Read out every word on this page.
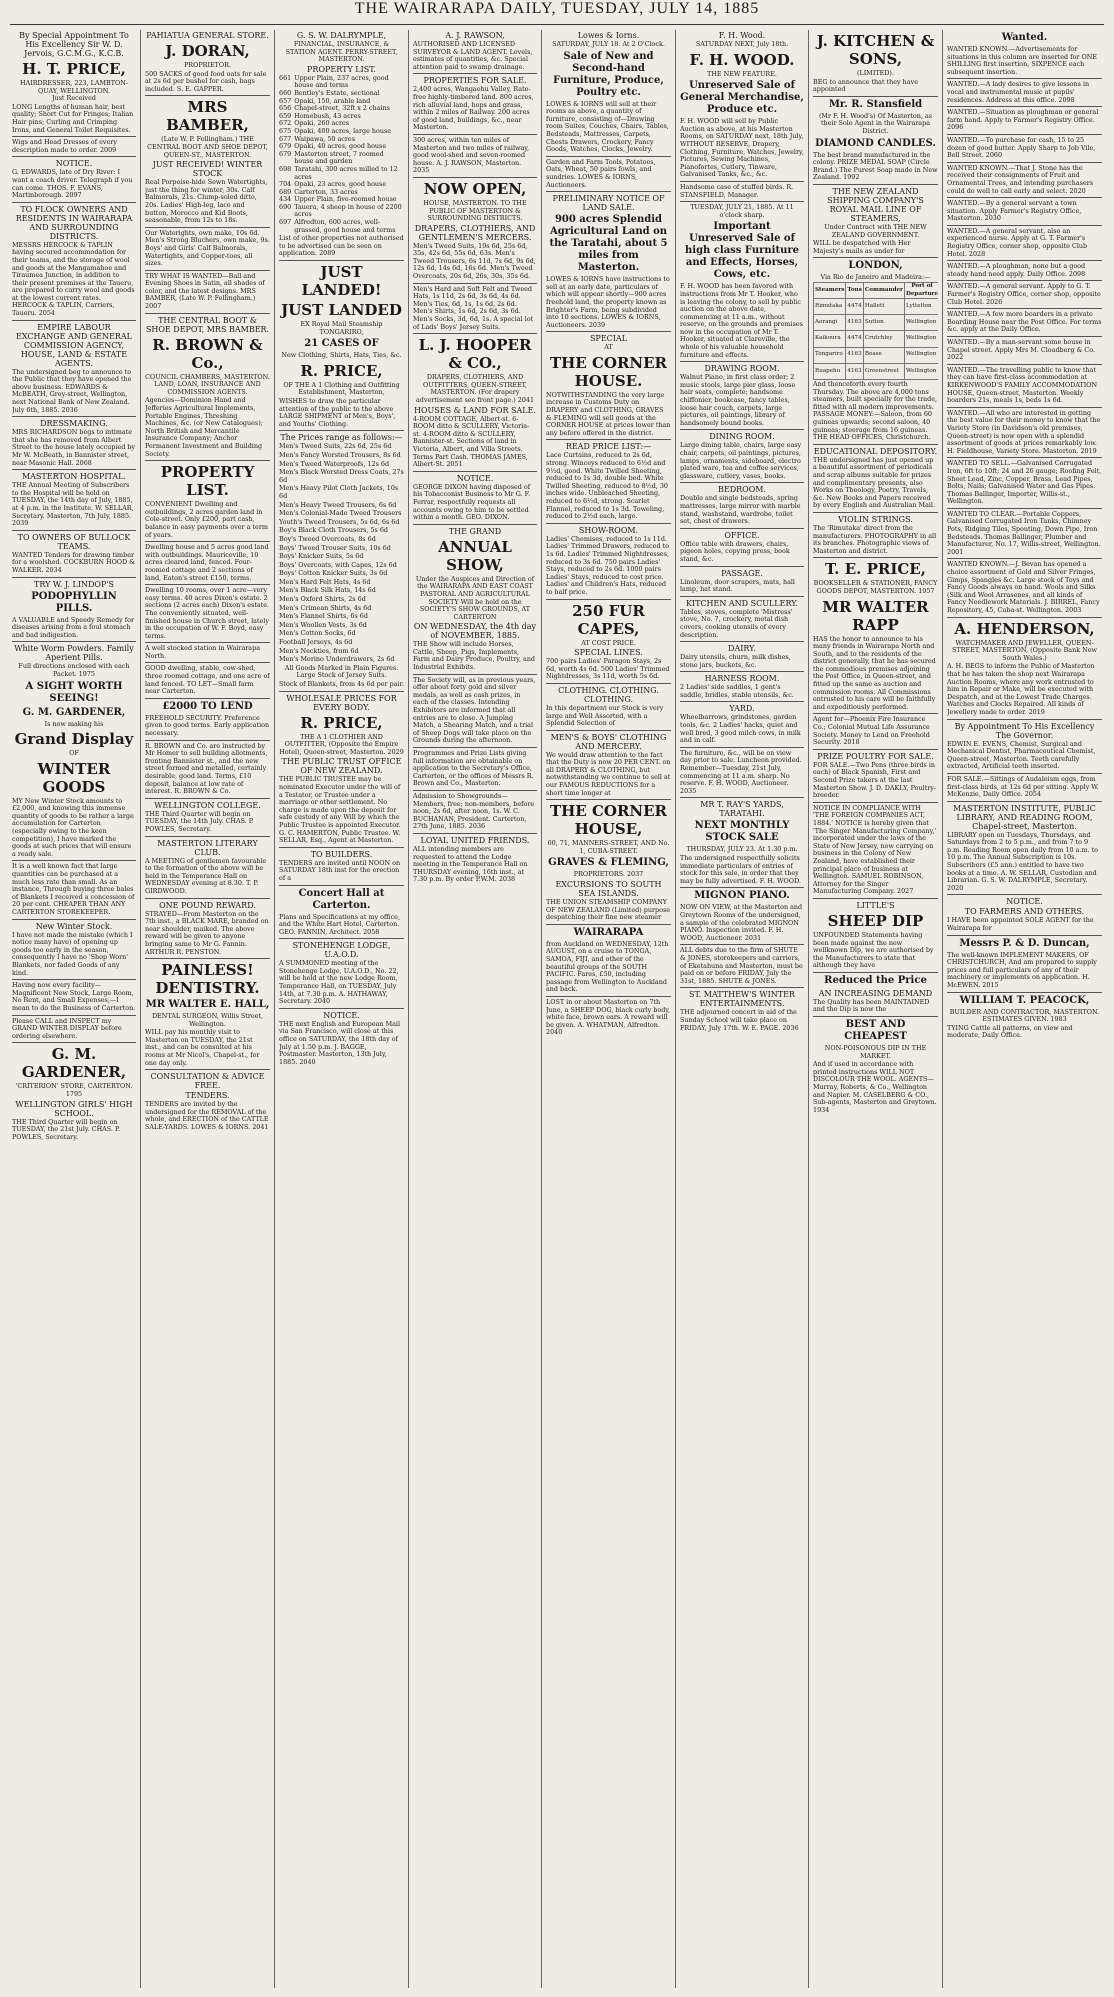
THE WAIRARAPA DAILY, TUESDAY, JULY 14, 1885
By Special Appointment To His Excellency Sir W. D. Jervois, G.C.M.G., K.C.B.
H. T. PRICE,
HAIRDRESSER, 223, LAMBTON-QUAY, WELLINGTON.
Just Received
LONG Lengths of human hair, best quality; Short Cut for Fringes; Italian Hair pins; Curling and Crimping Irons, and General Toilet Requisites.
Wigs and Head Dresses of every description made to order. 2009
NOTICE.
G. EDWARDS, late of Dry River: I want a coach driver. Telegraph if you can come. THOS. F. EVANS, Martinborough. 2097
TO FLOCK OWNERS AND RESIDENTS IN WAIRARAPA AND SURROUNDING DISTRICTS.
MESSRS HERCOCK & TAPLIN having secured accommodation for their teams, and the storage of wool and goods at the Mangamahoe and Tiraumea Junction, in addition to their present premises at the Taueru, are prepared to carry wool and goods at the lowest current rates. HERCOCK & TAPLIN, Carriers, Taueru. 2054
EMPIRE LABOUR EXCHANGE AND GENERAL COMMISSION AGENCY, HOUSE, LAND & ESTATE AGENTS.
The undersigned beg to announce to the Public that they have opened the above business. EDWARDS & McBEATH, Grey-street, Wellington, next National Bank of New Zealand. July 6th, 1885. 2036
DRESSMAKING.
MRS RICHARDSON begs to intimate that she has removed from Albert Street to the house lately occupied by Mr W. McBeath, in Bannister street, near Masonic Hall. 2068
MASTERTON HOSPITAL.
THE Annual Meeting of Subscribers to the Hospital will be held on TUESDAY, the 14th day of July, 1885, at 4 p.m. in the Institute. W. SELLAR, Secretary. Masterton, 7th July, 1885. 2039
TO OWNERS OF BULLOCK TEAMS.
WANTED Tenders for drawing timber for a woolshed. COCKBURN HOOD & WALKER. 2034
TRY W. J. LINDOP'S
PODOPHYLLIN PILLS.
A VALUABLE and Speedy Remedy for diseases arising from a foul stomach and bad indigestion.
White Worm Powders. Family Aperient Pills.
Full directions enclosed with each Packet. 1975
A SIGHT WORTH SEEING!
G. M. GARDENER,
Is now making his
Grand Display
OF
WINTER GOODS
MY New Winter Stock amounts to £2,000, and knowing this immense quantity of goods to be rather a large accumulation for Carterton (especially owing to the keen competition), I have marked the goods at such prices that will ensure a ready sale.
It is a well known fact that large quantities can be purchased at a much less rate than small. As an instance, Through buying three bales of Blankets I received a concession of 20 per cent. CHEAPER THAN ANY CARTERTON STOREKEEPER.
New Winter Stock.
I have not made the mistake (which I notice many have) of opening up goods too early in the season, consequently I have no 'Shop Worn' Blankets, nor faded Goods of any kind.
Having now every facility—Magnificent New Stock, Large Room, No Rent, and Small Expenses,—I mean to do the Business of Carterton.
Please CALL and INSPECT my GRAND WINTER DISPLAY before ordering elsewhere.
G. M. GARDENER,
'CRITERION' STORE, CARTERTON. 1795
WELLINGTON GIRLS' HIGH SCHOOL.
THE Third Quarter will begin on TUESDAY, the 21st July. CHAS. P. POWLES, Secretary.
PAHIATUA GENERAL STORE.
J. DORAN,
PROPRIETOR.
500 SACKS of good food oats for sale at 2s 6d per bushel for cash, bags included. S. E. GAPPER.
MRS BAMBER,
(Late W. P. Fellingham.) THE CENTRAL BOOT AND SHOE DEPOT, QUEEN-ST., MASTERTON.
JUST RECEIVED! WINTER STOCK
Real Porpoise-hide Sewn Watertights, just the thing for winter, 30s. Calf Balmorals, 21s. Clump-soled ditto, 20s. Ladies' High-leg, lace and button, Morocco and Kid Boots, seasonable, from 12s to 18s.
Our Waterights, own make, 10s 6d. Men's Strong Bluchers, own make, 9s. Boys' and Girls' Calf Balmorals, Watertights, and Copper-toes, all sizes.
TRY WHAT IS WANTED—Ball and Evening Shoes in Satin, all shades of color, and the latest designs. MRS BAMBER, (Late W. P. Fellingham.) 2007
THE CENTRAL BOOT & SHOE DEPOT, MRS BAMBER.
R. BROWN & Co.,
COUNCIL CHAMBERS, MASTERTON. LAND, LOAN, INSURANCE AND COMMISSION AGENTS.
Agencies—Dominion Hand and Jefferies Agricultural Implements, Portable Engines, Threshing Machines, &c. (or New Catalogues); North British and Mercantile Insurance Company; Anchor Permanent Investment and Building Society.
PROPERTY LIST.
CONVENIENT Dwelling and outbuildings, 2 acres garden land in Cole-street. Only £200, part cash, balance in easy payments over a term of years.
Dwelling house and 5 acres good land with outbuildings. Mauriceville, 10 acres cleared land, fenced. Four-roomed cottage and 2 sections of land, Eaton's street £150, terms.
Dwelling 10 rooms, over 1 acre—very easy terms. 40 acres Dixon's estate. 2 sections (2 acres each) Dixon's estate. The conveniently situated, well-finished house in Church street, lately in the occupation of W. F. Boyd, easy terms.
A well stocked station in Wairarapa North.
GOOD dwelling, stable, cow-shed, three roomed cottage, and one acre of land fenced. TO LET—Small farm near Carterton.
£2000 TO LEND
FREEHOLD SECURITY. Preference given to good terms. Early application necessary.
R. BROWN and Co. are instructed by Mr Homer to sell building allotments, fronting Bannister st., and the new street formed and metalled, certainly desirable, good land. Terms, £10 deposit, balance at low rate of interest. R. BROWN & Co.
WELLINGTON COLLEGE.
THE Third Quarter will begin on TUESDAY, the 14th July. CHAS. P. POWLES, Secretary.
MASTERTON LITERARY CLUB.
A MEETING of gentlemen favourable to the formation of the above will be held in the Temperance Hall on WEDNESDAY evening at 8.30. T. P. GIRDWOOD.
ONE POUND REWARD.
STRAYED—From Masterton on the 7th inst., a BLACK MARE, branded on near shoulder, maiked. The above reward will be given to anyone bringing same to Mr G. Fannin. ARTHUR R. PENSTON.
PAINLESS! DENTISTRY.
MR WALTER E. HALL,
DENTAL SURGEON, Willis Street, Wellington.
WILL pay his monthly visit to Masterton on TUESDAY, the 21st inst., and can be consulted at his rooms at Mr Nicol's, Chapel-st., for one day only.
CONSULTATION & ADVICE FREE.
TENDERS.
TENDERS are invited by the undersigned for the REMOVAL of the whole, and ERECTION of the CATTLE SALE-YARDS. LOWES & IORNS. 2041
G. S. W. DALRYMPLE,
FINANCIAL, INSURANCE, & STATION AGENT. PERRY-STREET, MASTERTON.
PROPERTY LIST.
661 Upper Plain, 237 acres, good house and terms
660 Bentley's Estate, sectional
657 Opaki, 150, arable land
656 Chapel-street, 32ft x 2 chains
659 Homebush, 43 acres
672 Opaki, 260 acres
675 Opaki, 400 acres, large house
677 Waipawa, 50 acres
679 Opaki, 40 acres, good house
679 Masterton street, 7 roomed house and garden
698 Taratahi, 300 acres milled to 12 acres
704 Opaki, 23 acres, good house
689 Carterton, 33 acres
434 Upper Plain, five-roomed house
690 Tauera, 4 sheep in house of 2200 acres
697 Alfredton, 600 acres, well-grassed, good house and terms
List of other properties not authorised to be advertised can be seen on application. 2089
JUST LANDED!
JUST LANDED
EX Royal Mail Steamship TONGARIRO,
21 CASES OF
New Clothing, Shirts, Hats, Ties, &c.
R. PRICE,
OF THE A 1 Clothing and Outfitting Establishment, Masterton,
WISHES to draw the particular attention of the public to the above LARGE SHIPMENT of Men's, Boys', and Youths' Clothing.
The Prices range as follows:—
Men's Tweed Suits, 22s 6d, 25s 6d
Men's Fancy Worsted Trousers, 8s 6d
Men's Tweed Waterproofs, 12s 6d
Men's Black Worsted Dress Coats, 27s 6d
Men's Heavy Pilot Cloth Jackets, 10s 6d
Men's Heavy Tweed Trousers, 6s 6d
Men's Colonial-Made Tweed Trousers
Youth's Tweed Trousers, 5s 6d, 6s 6d
Boy's Black Cloth Trousers, 5s 6d
Boy's Tweed Overcoats, 8s 6d
Boys' Tweed Trouser Suits, 10s 6d
Boys' Knicker Suits, 5s 6d
Boys' Overcoats, with Capes, 12s 6d
Boys' Cotton Knicker Suits, 3s 6d
Men's Hard Felt Hats, 4s 6d
Men's Black Silk Hats, 14s 6d
Men's Oxford Shirts, 2s 6d
Men's Crimean Shirts, 4s 6d
Men's Flannel Shirts, 6s 6d
Men's Woollen Vests, 3s 6d
Men's Cotton Socks, 6d
Football Jerseys, 4s 6d
Men's Neckties, from 6d
Men's Merino Underdrawers, 2s 6d
All Goods Marked in Plain Figures.
Large Stock of Jersey Suits.
Stock of Blankets, from 4s 6d per pair.
WHOLESALE PRICES FOR EVERY BODY.
R. PRICE,
THE A 1 CLOTHIER AND OUTFITTER, (Opposite the Empire Hotel), Queen-street, Masterton. 2029
THE PUBLIC TRUST OFFICE OF NEW ZEALAND.
THE PUBLIC TRUSTEE may be nominated Executor under the will of a Testator, or Trustee under a marriage or other settlement. No charge is made upon the deposit for safe custody of any Will by which the Public Trustee is appointed Executor. G. C. HAMERTON, Public Trustee. W. SELLAR, Esq., Agent at Masterton.
TO BUILDERS.
TENDERS are invited until NOON on SATURDAY 18th inst for the erection of a
Concert Hall at Carterton.
Plans and Specifications at my office, and the White Hart Hotel, Carterton. GEO. FANNIN, Architect. 2058
STONEHENGE LODGE, U.A.O.D.
A SUMMONED meeting of the Stonehenge Lodge, U.A.O.D., No. 22, will be held at the new Lodge Room, Temperance Hall, on TUESDAY, July 14th, at 7.30 p.m. A. HATHAWAY, Secretary. 2040
NOTICE.
THE next English and European Mail via San Francisco, will close at this office on SATURDAY, the 18th day of July at 1.50 p.m. J. BAGGE, Postmaster. Masterton, 13th July, 1885. 2040
A. J. RAWSON,
AUTHORISED AND LICENSED SURVEYOR & LAND AGENT. Levels, estimates of quantities, &c. Special attention paid to swamp drainage.
PROPERTIES FOR SALE.
2,400 acres, Wangaehu Valley, Rate-free highly-timbered land. 800 acres, rich alluvial land, hops and grass, within 2 miles of Railway. 200 acres of good land, buildings, &c., near Masterton.
300 acres, within ten miles of Masterton and two miles of railway, good wool-shed and seven-roomed house. A. J. RAWSON, Masterton. 2035
NOW OPEN,
HOUSE, MASTERTON. TO THE PUBLIC OF MASTERTON & SURROUNDING DISTRICTS.
DRAPERS, CLOTHIERS, AND GENTLEMEN'S MERCERS.
Men's Tweed Suits, 19s 6d, 25s 6d, 35s, 42s 6d, 55s 6d, 63s. Men's Tweed Trousers, 6s 11d, 7s 6d, 9s 6d, 12s 6d, 14s 6d, 16s 6d. Men's Tweed Overcoats, 20s 6d, 26s, 30s, 35s 6d.
Men's Hard and Soft Felt and Tweed Hats, 1s 11d, 2s 6d, 3s 6d, 4s 6d. Men's Ties, 6d, 1s, 1s 6d, 2s 6d. Men's Shirts, 1s 6d, 2s 6d, 3s 6d. Men's Socks, 3d, 6d, 1s. A special lot of Lads' Boys' Jersey Suits.
L. J. HOOPER & CO.,
DRAPERS, CLOTHIERS, AND OUTFITTERS, QUEEN-STREET, MASTERTON. (For drapery advertisement see front page.) 2041
HOUSES & LAND FOR SALE.
4-ROOM COTTAGE, Albert-st. 6-ROOM ditto & SCULLERY, Victoria-st. 4-ROOM ditto & SCULLERY, Bannister-st. Sections of land in Victoria, Albert, and Villa Streets. Terms Part Cash. THOMAS JAMES, Albert-St. 2051
NOTICE.
GEORGE DIXON having disposed of his Tobacconist Business to Mr G. F. Ferrar, respectfully requests all accounts owing to him to be settled within a month. GEO. DIXON.
THE GRAND
ANNUAL SHOW,
Under the Auspices and Direction of the WAIRARAPA AND EAST COAST PASTORAL AND AGRICULTURAL SOCIETY Will be held on the SOCIETY'S SHOW GROUNDS, AT CARTERTON
ON WEDNESDAY, the 4th day of NOVEMBER, 1885.
THE Show will include Horses, Cattle, Sheep, Pigs, Implements, Farm and Dairy Produce, Poultry, and Industrial Exhibits.
The Society will, as in previous years, offer about forty gold and silver medals, as well as cash prizes, in each of the classes. Intending Exhibitors are informed that all entries are to close. A Jumping Match, a Shearing Match, and a trial of Sheep Dogs will take place on the Grounds during the afternoon.
Programmes and Prize Lists giving full information are obtainable on application to the Secretary's Office, Carterton, or the offices of Messrs R. Brown and Co., Masterton.
Admission to Showgrounds—Members, free; non-members, before noon, 2s 6d, after noon, 1s. W. C. BUCHANAN, President. Carterton, 27th June, 1885. 2036
LOYAL UNITED FRIENDS.
ALL intending members are requested to attend the Lodge meeting in the Temperance Hall on THURSDAY evening, 16th inst., at 7.30 p.m. By order P.W.M. 2038
Lowes & Iorns.
SATURDAY, JULY 18. At 2 O'Clock.
Sale of New and Second-hand Furniture, Produce, Poultry etc.
LOWES & IORNS will sell at their rooms as above, a quantity of furniture, consisting of—Drawing room Suites, Couches, Chairs, Tables, Bedsteads, Mattresses, Carpets, Chests Drawers, Crockery, Fancy Goods, Watches, Clocks, Jewelry.
Garden and Farm Tools, Potatoes, Oats, Wheat, 50 pairs fowls, and sundries. LOWES & IORNS, Auctioneers.
PRELIMINARY NOTICE OF LAND SALE.
900 acres Splendid Agricultural Land on the Taratahi, about 5 miles from Masterton.
LOWES & IORNS have instructions to sell at an early date, particulars of which will appear shortly—900 acres freehold land, the property known as Brighter's Farm, being subdivided into 10 sections. LOWES & IORNS, Auctioneers. 2039
SPECIAL
AT
THE CORNER HOUSE.
NOTWITHSTANDING the very large increase in Customs Duty on DRAPERY and CLOTHING, GRAVES & FLEMING will sell goods at the CORNER HOUSE at prices lower than any before offered in the district.
READ PRICE LIST:—
Lace Curtains, reduced to 2s 6d, strong. Winceys reduced to 6½d and 9½d, good. White Twilled Sheeting, reduced to 1s 3d, double bed. White Twilled Sheeting, reduced to 8½d, 30 inches wide. Unbleached Sheeting, reduced to 6½d, strong. Scarlet Flannel, reduced to 1s 3d. Toweling, reduced to 2½d each, large.
SHOW-ROOM.
Ladies' Chemises, reduced to 1s 11d. Ladies' Trimmed Drawers, reduced to 1s 6d. Ladies' Trimmed Nightdresses, reduced to 3s 6d. 750 pairs Ladies' Stays, reduced to 2s 6d. 1000 pairs Ladies' Stays, reduced to cost price. Ladies' and Children's Hats, reduced to half price.
250 FUR CAPES,
AT COST PRICE.
SPECIAL LINES.
700 pairs Ladies' Paragon Stays, 2s 6d, worth 4s 6d. 500 Ladies' Trimmed Nightdresses, 3s 11d, worth 5s 6d.
CLOTHING. CLOTHING. CLOTHING.
In this department our Stock is very large and Well Assorted, with a Splendid Selection of
MEN'S & BOYS' CLOTHING AND MERCERY.
We would draw attention to the fact that the Duty is now 20 PER CENT. on all DRAPERY & CLOTHING, but notwithstanding we continue to sell at our FAMOUS REDUCTIONS for a short time longer at
THE CORNER HOUSE,
60, 71, MANNERS-STREET, AND No. 1, CUBA-STREET.
GRAVES & FLEMING,
PROPRIETORS. 2037
EXCURSIONS TO SOUTH SEA ISLANDS.
THE UNION STEAMSHIP COMPANY OF NEW ZEALAND (Limited) purpose despatching their fine new steamer
WAIRARAPA
from Auckland on WEDNESDAY, 12th AUGUST, on a cruise to TONGA, SAMOA, FIJI, and other of the beautiful groups of the SOUTH PACIFIC. Fares, £50, including passage from Wellington to Auckland and back.
LOST in or about Masterton on 7th June, a SHEEP DOG, black curly body, white face, brown ears. A reward will be given. A. WHATMAN, Alfredton. 2040
F. H. Wood.
SATURDAY NEXT, July 18th.
F. H. WOOD.
THE NEW FEATURE.
Unreserved Sale of General Merchandise, Produce etc.
F. H. WOOD will sell by Public Auction as above, at his Masterton Rooms, on SATURDAY next, 18th July, WITHOUT RESERVE, Drapery, Clothing, Furniture, Watches, Jewelry, Pictures, Sewing Machines, Pianofortes, Cutlery, Tinware, Galvanised Tanks, &c., &c.
Handsome case of stuffed birds. R. STANSFIELD, Manager.
TUESDAY, JULY 21, 1885. At 11 o'clock sharp.
Important Unreserved Sale of high class Furniture and Effects, Horses, Cows, etc.
F. H. WOOD has been favored with instructions from Mr T. Hooker, who is leaving the colony, to sell by public auction on the above date, commencing at 11 a.m., without reserve, on the grounds and premises now in the occupation of Mr T. Hooker, situated at Clareville, the whole of his valuable household furniture and effects.
DRAWING ROOM.
Walnut Piano, in first class order; 2 music stools, large pier glass, loose hair seats, complete; handsome chiffonier, bookcase, fancy tables, loose hair couch, carpets, large pictures, oil paintings, library of handsomely bound books.
DINING ROOM.
Large dining table, chairs, large easy chair, carpets, oil paintings, pictures, lamps, ornaments, sideboard, electro plated ware, tea and coffee services, glassware, cutlery, vases, books.
BEDROOM.
Double and single bedsteads, spring mattresses, large mirror with marble stand, washstand, wardrobe, toilet set, chest of drawers.
OFFICE.
Office table with drawers, chairs, pigeon holes, copying press, book stand, &c.
PASSAGE.
Linoleum, door scrapers, mats, hall lamp, hat stand.
KITCHEN AND SCULLERY.
Tables, stoves, complete 'Mistress' stove, No. 7, crockery, metal dish covers, cooking utensils of every description.
DAIRY.
Dairy utensils, churn, milk dishes, stone jars, buckets, &c.
HARNESS ROOM.
2 Ladies' side saddles, 1 gent's saddle, bridles, stable utensils, &c.
YARD.
Wheelbarrows, grindstones, garden tools, &c. 2 Ladies' hacks, quiet and well bred, 3 good milch cows, in milk and in calf.
The furniture, &c., will be on view day prior to sale. Luncheon provided. Remember—Tuesday, 21st July, commencing at 11 a.m. sharp. No reserve. F. H. WOOD, Auctioneer. 2035
MR T. RAY'S YARDS, TARATAHI.
NEXT MONTHLY STOCK SALE
THURSDAY, JULY 23. At 1.30 p.m.
The undersigned respectfully solicits immediate particulars of entries of stock for this sale, in order that they may be fully advertised. F. H. WOOD.
MIGNON PIANO.
NOW ON VIEW, at the Masterton and Greytown Rooms of the undersigned, a sample of the celebrated MIGNON PIANO. Inspection invited. F. H. WOOD, Auctioneer. 2031
ALL debts due to the firm of SHUTE & JONES, storekeepers and carriers, of Eketahuna and Masterton, must be paid on or before FRIDAY, July the 31st, 1885. SHUTE & JONES.
ST. MATTHEW'S WINTER ENTERTAINMENTS.
THE adjourned concert in aid of the Sunday School will take place on FRIDAY, July 17th. W. E. PAGE. 2036
J. KITCHEN & SONS,
(LIMITED).
BEG to announce that they have appointed
Mr. R. Stansfield
(Mr F. H. Wood's) Of Masterton, as their Sole Agent in the Wairarapa District.
DIAMOND CANDLES.
The best brand manufactured in the colony. PRIZE MEDAL SOAP (Circle Brand.) The Purest Soap made in New Zealand. 1992
THE NEW ZEALAND SHIPPING COMPANY'S ROYAL MAIL LINE OF STEAMERS,
Under Contract with THE NEW ZEALAND GOVERNMENT.
WILL be despatched with Her Majesty's mails as under for
LONDON,
Via Rio de Janeiro and Madeira:—
Steamers	Tons	Commander	Port of Departure	
Rimutaka	4474	Hallett	Lyttelton	
Aorangi	4163	Sutton	Wellington	
Kaikoura	4474	Crutchley	Wellington	
Tongariro	4163	Boase	Wellington	
Ruapehu	4163	Greenstreet	Wellington	
And thenceforth every fourth Thursday. The above are 4,000 tons steamers, built specially for the trade, fitted with all modern improvements. PASSAGE MONEY:—Saloon, from 60 guineas upwards; second saloon, 40 guineas; steerage from 16 guineas. THE HEAD OFFICES, Christchurch.
EDUCATIONAL DEPOSITORY.
THE undersigned has just opened up a beautiful assortment of periodicals and scrap albums suitable for prizes and complimentary presents, also Works on Theology, Poetry, Travels, &c. New Books and Papers received by every English and Australian Mail.
VIOLIN STRINGS.
The 'Rimutaka' direct from the manufacturers. PHOTOGRAPHY in all its branches. Photographic views of Masterton and district.
T. E. PRICE,
BOOKSELLER & STATIONER, FANCY GOODS DEPOT, MASTERTON. 1957
MR WALTER RAPP
HAS the honor to announce to his many friends in Wairarapa North and South, and to the residents of the district generally, that he has secured the commodious premises adjoining the Post Office, in Queen-street, and fitted up the same as auction and commission rooms. All Commissions entrusted to his care will be faithfully and expeditiously performed.
Agent for—Phoenix Fire Insurance Co.; Colonial Mutual Life Assurance Society. Money to Lend on Freehold Security. 2018
PRIZE POULTRY FOR SALE.
FOR SALE.—Two Pens (three birds in each) of Black Spanish, First and Second Prize takers at the last Masterton Show. J. D. DAKLY, Poultry-breeder.
NOTICE IN COMPLIANCE WITH 'THE FOREIGN COMPANIES ACT, 1884.' NOTICE is hereby given that 'The Singer Manufacturing Company,' incorporated under the laws of the State of New Jersey, now carrying on business in the Colony of New Zealand, have established their principal place of business at Wellington. SAMUEL ROBINSON, Attorney for the Singer Manufacturing Company. 2027
LITTLE'S
SHEEP DIP
UNFOUNDED Statements having been made against the new wellknown Dip, we are authorised by the Manufacturers to state that although they have
Reduced the Price
AN INCREASING DEMAND
The Quality has been MAINTAINED and the Dip is now the
BEST AND CHEAPEST
NON-POISONOUS DIP IN THE MARKET.
And if used in accordance with printed instructions WILL NOT DISCOLOUR THE WOOL. AGENTS—Murray, Roberts, & Co., Wellington and Napier. M. CASELBERG & CO., Sub-agents, Masterton and Greytown. 1934
Wanted.
WANTED KNOWN.—Advertisements for situations in this column are inserted for ONE SHILLING first insertion, SIXPENCE each subsequent insertion.
WANTED.—A lady desires to give lessons in vocal and instrumental music at pupils' residences. Address at this office. 2098
WANTED.—Situation as ploughman or general farm hand. Apply to Farmer's Registry Office. 2096
WANTED.—To purchase for cash, 15 to 25 dozen of good butter. Apply Sharp to Job Vile, Bell Street. 2060
WANTED KNOWN.—That J. Stone has the received their consignments of Fruit and Ornamental Trees, and intending purchasers could do well to call early and select. 2020
WANTED.—By a general servant a town situation. Apply Farmer's Registry Office, Masterton. 2030
WANTED.—A general servant, also an experienced nurse. Apply at G. T. Farmer's Registry Office, corner shop, opposite Club Hotel. 2028
WANTED.—A ploughman, none but a good steady hand need apply. Daily Office. 2098
WANTED.—A general servant. Apply to G. T. Farmer's Registry Office, corner shop, opposite Club Hotel. 2026
WANTED.—A few more boarders in a private Boarding House near the Post Office. For terms &c. apply at the Daily Office.
WANTED.—By a man-servant some house in Chapel street. Apply Mrs M. Cloadberg & Co. 2022
WANTED.—The travelling public to know that they can have first-class accommodation at KIRKENWOOD'S FAMILY ACCOMMODATION HOUSE, Queen-street, Masterton. Weekly boarders 21s, meals 1s, beds 1s 6d.
WANTED.—All who are interested in getting the best value for their money to know that the Variety Store (in Davidson's old premises, Queen-street) is now open with a splendid assortment of goods at prices remarkably low. H. Fieldhouse, Variety Store. Masterton. 2019
WANTED TO SELL.—Galvanised Corrugated Iron, 6ft to 10ft; 24 and 26 gauge; Roofing Felt, Sheet Lead, Zinc, Copper, Brass, Lead Pipes, Bolts, Nails; Galvanised Water and Gas Pipes. Thomas Ballinger, Importer, Willis-st., Wellington.
WANTED TO CLEAR.—Portable Coppers, Galvanised Corrugated Iron Tanks, Chimney Pots, Ridging Tiles, Spouting, Down Pipe, Iron Bedsteads. Thomas Ballinger, Plumber and Manufacturer, No. 17, Willis-street, Wellington. 2001
WANTED KNOWN.—J. Bevan has opened a choice assortment of Gold and Silver Fringes, Gimps, Spangles &c. Large stock of Toys and Fancy Goods always on hand. Wools and Silks (Silk and Wool Arrasenes, and all kinds of Fancy Needlework Materials. J. BIRREL, Fancy Repository, 45, Cuba-st. Wellington. 2003
A. HENDERSON,
WATCHMAKER AND JEWELLER, QUEEN-STREET, MASTERTON, (Opposite Bank New South Wales.)
A. H. BEGS to inform the Public of Masterton that he has taken the shop next Wairarapa Auction Rooms, where any work entrusted to him in Repair or Make, will be executed with Despatch, and at the Lowest Trade Charges. Watches and Clocks Repaired. All kinds of Jewellery made to order. 2019
By Appointment To His Excellency The Governor.
EDWIN E. EVENS, Chemist, Surgical and Mechanical Dentist, Pharmaceutical Chemist, Queen-street, Masterton. Teeth carefully extracted, Artificial teeth inserted.
FOR SALE.—Sittings of Audaleism eggs, from first-class birds, at 12s 6d per sitting. Apply W. McKenzie, Daily Office. 2054
MASTERTON INSTITUTE, PUBLIC LIBRARY, AND READING ROOM, Chapel-street, Masterton.
LIBRARY open on Tuesdays, Thursdays, and Saturdays from 2 to 5 p.m., and from 7 to 9 p.m. Reading Room open daily from 10 a.m. to 10 p.m. The Annual Subscription is 10s. Subscribers (£5 ann.) entitled to have two books at a time. A. W. SELLAR, Custodian and Librarian. G. S. W. DALRYMPLE, Secretary. 2020
NOTICE.
TO FARMERS AND OTHERS.
I HAVE been appointed SOLE AGENT for the Wairarapa for
Messrs P. & D. Duncan,
The well-known IMPLEMENT MAKERS, OF CHRISTCHURCH, And am prepared to supply prices and full particulars of any of their machinery or implements on application. H. McEWEN. 2015
WILLIAM T. PEACOCK,
BUILDER AND CONTRACTOR, MASTERTON. ESTIMATES GIVEN. 1983
TYING Cattle all patterns, on view and moderate, Daily Office.
